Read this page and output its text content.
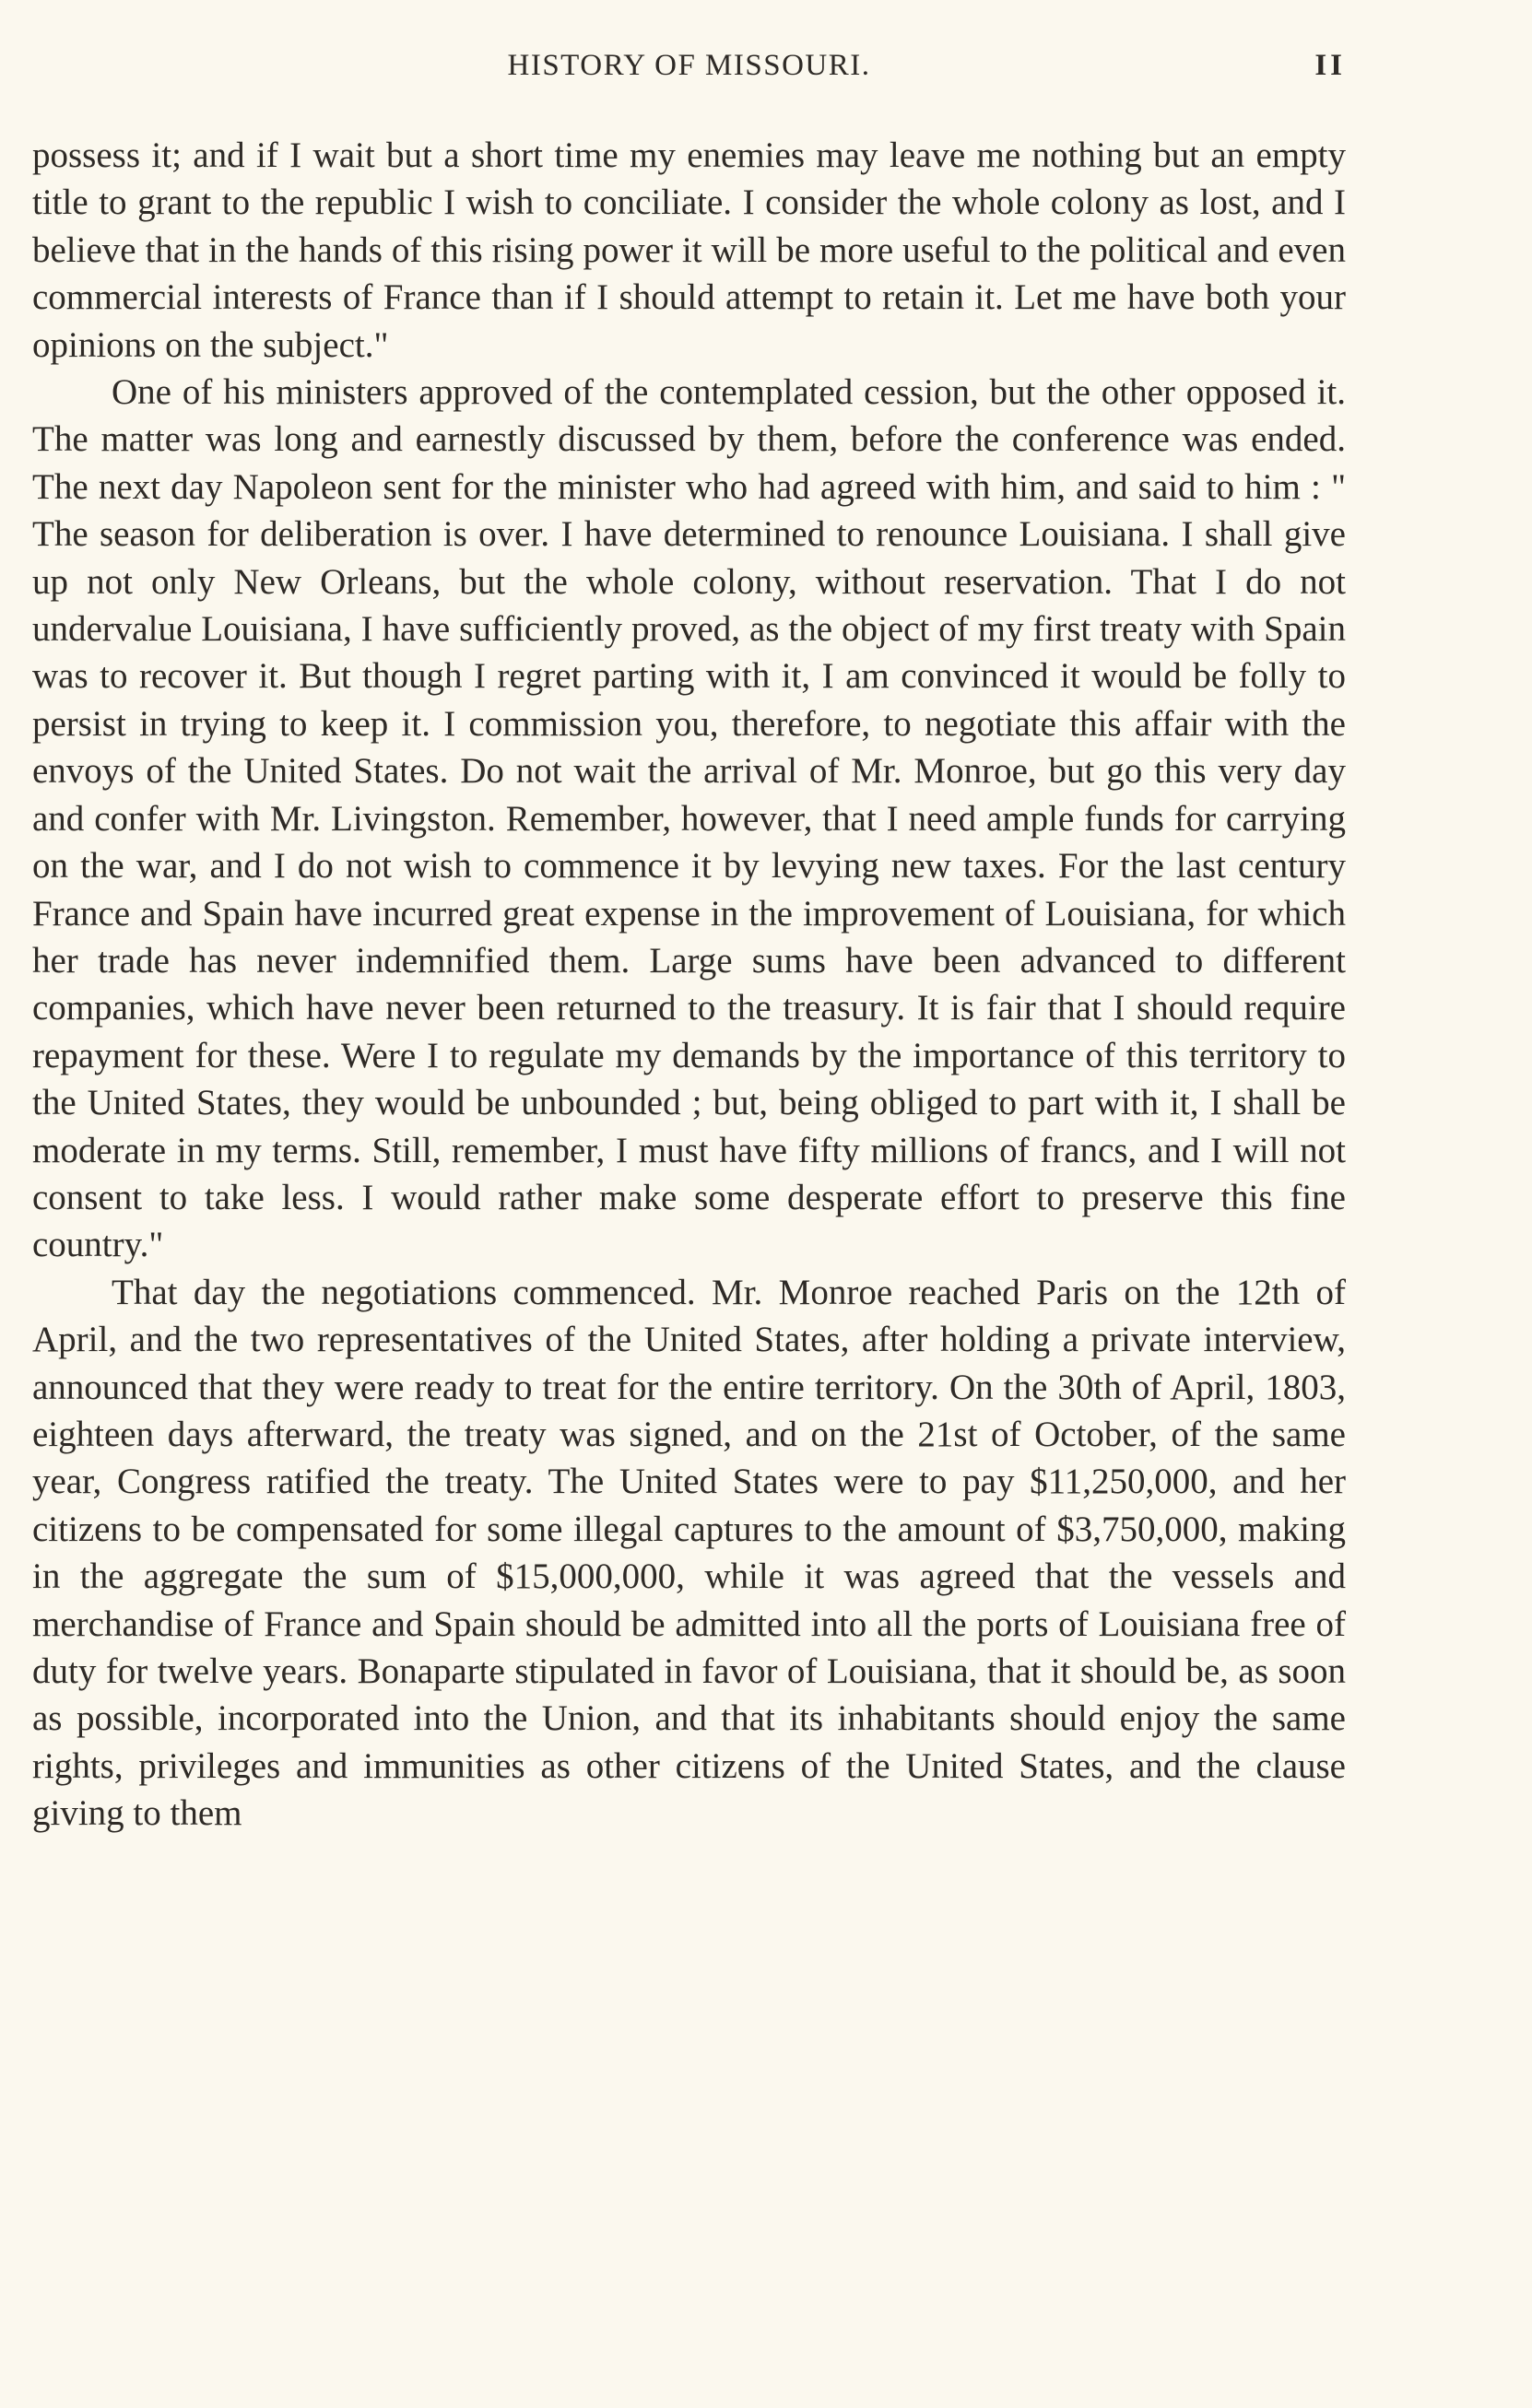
HISTORY OF MISSOURI.	II

possess it; and if I wait but a short time my enemies may leave me nothing but an empty title to grant to the republic I wish to conciliate. I consider the whole colony as lost, and I believe that in the hands of this rising power it will be more useful to the political and even commercial interests of France than if I should attempt to retain it. Let me have both your opinions on the subject."

One of his ministers approved of the contemplated cession, but the other opposed it. The matter was long and earnestly discussed by them, before the conference was ended. The next day Napoleon sent for the minister who had agreed with him, and said to him : " The season for deliberation is over. I have determined to renounce Louisiana. I shall give up not only New Orleans, but the whole colony, without reservation. That I do not undervalue Louisiana, I have sufficiently proved, as the object of my first treaty with Spain was to recover it. But though I regret parting with it, I am convinced it would be folly to persist in trying to keep it. I commission you, therefore, to negotiate this affair with the envoys of the United States. Do not wait the arrival of Mr. Monroe, but go this very day and confer with Mr. Livingston. Remember, however, that I need ample funds for carrying on the war, and I do not wish to commence it by levying new taxes. For the last century France and Spain have incurred great expense in the improvement of Louisiana, for which her trade has never indemnified them. Large sums have been advanced to different companies, which have never been returned to the treasury. It is fair that I should require repayment for these. Were I to regulate my demands by the importance of this territory to the United States, they would be unbounded ; but, being obliged to part with it, I shall be moderate in my terms. Still, remember, I must have fifty millions of francs, and I will not consent to take less. I would rather make some desperate effort to preserve this fine country."

That day the negotiations commenced. Mr. Monroe reached Paris on the 12th of April, and the two representatives of the United States, after holding a private interview, announced that they were ready to treat for the entire territory. On the 30th of April, 1803, eighteen days afterward, the treaty was signed, and on the 21st of October, of the same year, Congress ratified the treaty. The United States were to pay $11,250,000, and her citizens to be compensated for some illegal captures to the amount of $3,750,000, making in the aggregate the sum of $15,000,000, while it was agreed that the vessels and merchandise of France and Spain should be admitted into all the ports of Louisiana free of duty for twelve years. Bonaparte stipulated in favor of Louisiana, that it should be, as soon as possible, incorporated into the Union, and that its inhabitants should enjoy the same rights, privileges and immunities as other citizens of the United States, and the clause giving to them
